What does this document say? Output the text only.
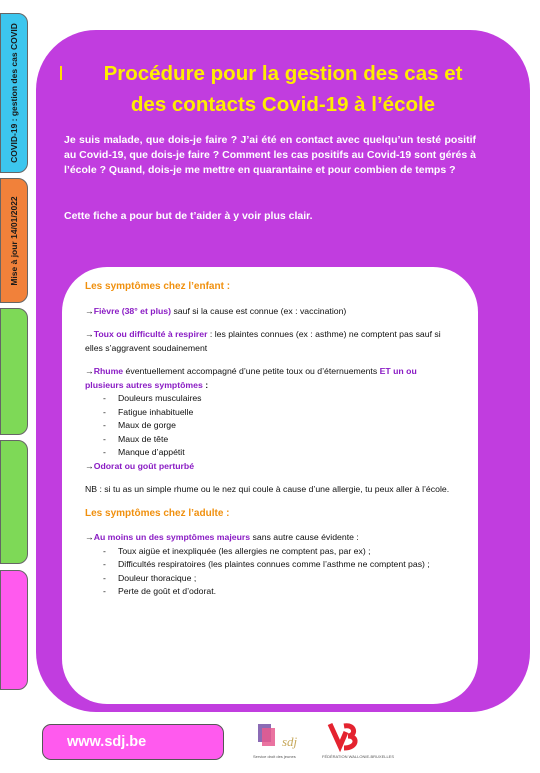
COVID-19 : gestion des cas COVID
Mise à jour 14/01/2022
Procédure pour la gestion des cas et
des contacts Covid-19 à l’école
Je suis malade, que dois-je faire ? J’ai été en contact avec quelqu’un testé positif au Covid-19, que dois-je faire ? Comment les cas positifs au Covid-19 sont gérés à l’école ? Quand, dois-je me mettre en quarantaine et pour combien de temps ?
Cette fiche a pour but de t’aider à y voir plus clair.
Les symptômes chez l’enfant :
→Fièvre (38° et plus) sauf si la cause est connue (ex : vaccination)
→Toux ou difficulté à respirer : les plaintes connues (ex : asthme) ne comptent pas sauf si elles s’aggravent soudainement
→Rhume éventuellement accompagné d’une petite toux ou d’éternuements ET un ou plusieurs autres symptômes :
- Douleurs musculaires
- Fatigue inhabituelle
- Maux de gorge
- Maux de tête
- Manque d’appétit
→Odorat ou goût perturbé
NB : si tu as un simple rhume ou le nez qui coule à cause d’une allergie, tu peux aller à l’école.
Les symptômes chez l’adulte :
→Au moins un des symptômes majeurs sans autre cause évidente :
- Toux aigüe et inexpliquée (les allergies ne comptent pas, par ex) ;
- Difficultés respiratoires (les plaintes connues comme l’asthme ne comptent pas) ;
- Douleur thoracique ;
- Perte de goût et d’odorat.
www.sdj.be	sdj
Service droit des jeunes	FÉDÉRATION WALLONIE-BRUXELLES
